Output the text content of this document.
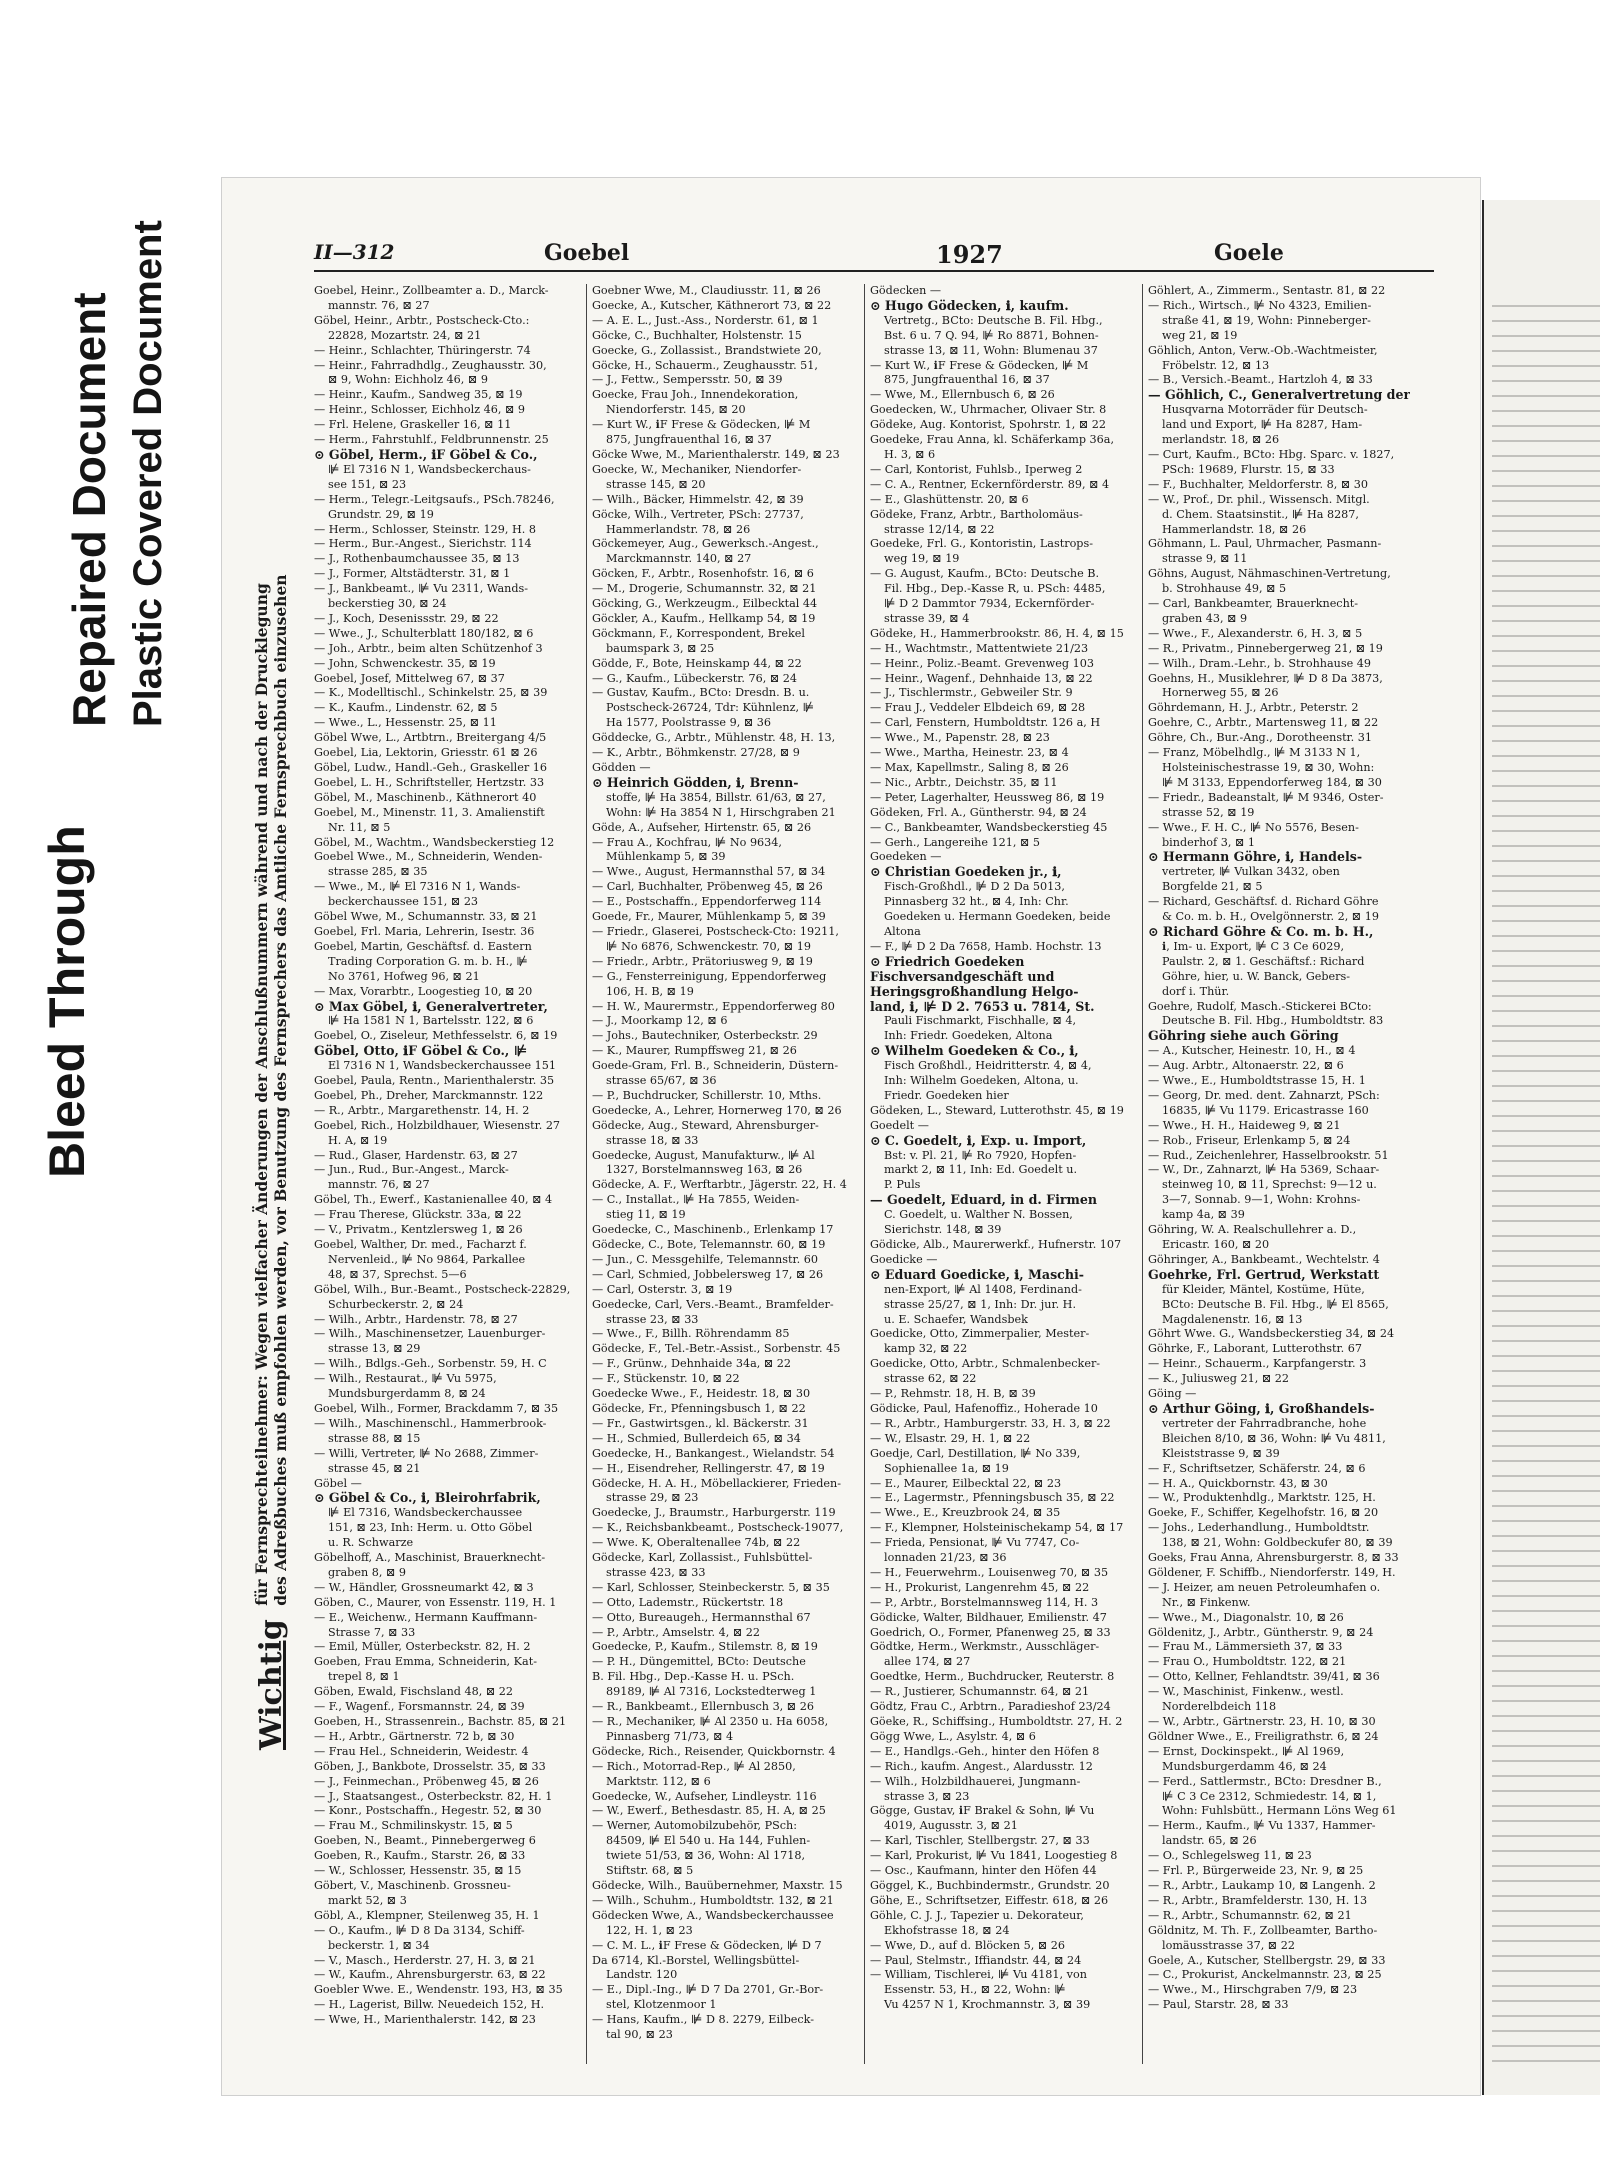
Bleed Through
Repaired Document Plastic Covered Document	II—312	Goebel	1927	Goele
Wichtig
für Fernsprechteilnehmer: Wegen vielfacher Änderungen der Anschlußnummern während und nach der Drucklegung des Adreßbuches muß empfohlen werden, vor Benutzung des Fernsprechers das Amtliche Fernsprechbuch einzusehen
Goebel, Heinr., Zollbeamter a. D., Marck-
mannstr. 76, ⊠ 27
Göbel, Heinr., Arbtr., Postscheck-Cto.:
22828, Mozartstr. 24, ⊠ 21
— Heinr., Schlachter, Thüringerstr. 74
— Heinr., Fahrradhdlg., Zeughausstr. 30,
⊠ 9, Wohn: Eichholz 46, ⊠ 9
— Heinr., Kaufm., Sandweg 35, ⊠ 19
— Heinr., Schlosser, Eichholz 46, ⊠ 9
— Frl. Helene, Graskeller 16, ⊠ 11
— Herm., Fahrstuhlf., Feldbrunnenstr. 25
⊙ Göbel, Herm., ℹF Göbel & Co.,
⊯ El 7316 N 1, Wandsbeckerchaus-
see 151, ⊠ 23
— Herm., Telegr.-Leitgsaufs., PSch.78246,
Grundstr. 29, ⊠ 19
— Herm., Schlosser, Steinstr. 129, H. 8
— Herm., Bur.-Angest., Sierichstr. 114
— J., Rothenbaumchaussee 35, ⊠ 13
— J., Former, Altstädterstr. 31, ⊠ 1
— J., Bankbeamt., ⊯ Vu 2311, Wands-
beckerstieg 30, ⊠ 24
— J., Koch, Desenissstr. 29, ⊠ 22
— Wwe., J., Schulterblatt 180/182, ⊠ 6
— Joh., Arbtr., beim alten Schützenhof 3
— John, Schwenckestr. 35, ⊠ 19
Goebel, Josef, Mittelweg 67, ⊠ 37
— K., Modelltischl., Schinkelstr. 25, ⊠ 39
— K., Kaufm., Lindenstr. 62, ⊠ 5
— Wwe., L., Hessenstr. 25, ⊠ 11
Göbel Wwe, L., Artbtrn., Breitergang 4/5
Goebel, Lia, Lektorin, Griesstr. 61 ⊠ 26
Göbel, Ludw., Handl.-Geh., Graskeller 16
Goebel, L. H., Schriftsteller, Hertzstr. 33
Göbel, M., Maschinenb., Käthnerort 40
Goebel, M., Minenstr. 11, 3. Amalienstift
Nr. 11, ⊠ 5
Göbel, M., Wachtm., Wandsbeckerstieg 12
Goebel Wwe., M., Schneiderin, Wenden-
strasse 285, ⊠ 35
— Wwe., M., ⊯ El 7316 N 1, Wands-
beckerchaussee 151, ⊠ 23
Göbel Wwe, M., Schumannstr. 33, ⊠ 21
Goebel, Frl. Maria, Lehrerin, Isestr. 36
Goebel, Martin, Geschäftsf. d. Eastern
Trading Corporation G. m. b. H., ⊯
No 3761, Hofweg 96, ⊠ 21
— Max, Vorarbtr., Loogestieg 10, ⊠ 20
⊙ Max Göbel, ℹ, Generalvertreter,
⊯ Ha 1581 N 1, Bartelsstr. 122, ⊠ 6
Goebel, O., Ziseleur, Methfesselstr. 6, ⊠ 19
Göbel, Otto, ℹF Göbel & Co., ⊯
El 7316 N 1, Wandsbeckerchaussee 151
Goebel, Paula, Rentn., Marienthalerstr. 35
Goebel, Ph., Dreher, Marckmannstr. 122
— R., Arbtr., Margarethenstr. 14, H. 2
Goebel, Rich., Holzbildhauer, Wiesenstr. 27
H. A, ⊠ 19
— Rud., Glaser, Hardenstr. 63, ⊠ 27
— Jun., Rud., Bur.-Angest., Marck-
mannstr. 76, ⊠ 27
Göbel, Th., Ewerf., Kastanienallee 40, ⊠ 4
— Frau Therese, Glückstr. 33a, ⊠ 22
— V., Privatm., Kentzlersweg 1, ⊠ 26
Goebel, Walther, Dr. med., Facharzt f.
Nervenleid., ⊯ No 9864, Parkallee
48, ⊠ 37, Sprechst. 5—6
Göbel, Wilh., Bur.-Beamt., Postscheck-22829,
Schurbeckerstr. 2, ⊠ 24
— Wilh., Arbtr., Hardenstr. 78, ⊠ 27
— Wilh., Maschinensetzer, Lauenburger-
strasse 13, ⊠ 29
— Wilh., Bdlgs.-Geh., Sorbenstr. 59, H. C
— Wilh., Restaurat., ⊯ Vu 5975,
Mundsburgerdamm 8, ⊠ 24
Goebel, Wilh., Former, Brackdamm 7, ⊠ 35
— Wilh., Maschinenschl., Hammerbrook-
strasse 88, ⊠ 15
— Willi, Vertreter, ⊯ No 2688, Zimmer-
strasse 45, ⊠ 21
Göbel —
⊙ Göbel & Co., ℹ, Bleirohrfabrik,
⊯ El 7316, Wandsbeckerchaussee
151, ⊠ 23, Inh: Herm. u. Otto Göbel
u. R. Schwarze
Göbelhoff, A., Maschinist, Brauerknecht-
graben 8, ⊠ 9
— W., Händler, Grossneumarkt 42, ⊠ 3
Göben, C., Maurer, von Essenstr. 119, H. 1
— E., Weichenw., Hermann Kauffmann-
Strasse 7, ⊠ 33
— Emil, Müller, Osterbeckstr. 82, H. 2
Goeben, Frau Emma, Schneiderin, Kat-
trepel 8, ⊠ 1
Göben, Ewald, Fischsland 48, ⊠ 22
— F., Wagenf., Forsmannstr. 24, ⊠ 39
Goeben, H., Strassenrein., Bachstr. 85, ⊠ 21
— H., Arbtr., Gärtnerstr. 72 b, ⊠ 30
— Frau Hel., Schneiderin, Weidestr. 4
Göben, J., Bankbote, Drosselstr. 35, ⊠ 33
— J., Feinmechan., Pröbenweg 45, ⊠ 26
— J., Staatsangest., Osterbeckstr. 82, H. 1
— Konr., Postschaffn., Hegestr. 52, ⊠ 30
— Frau M., Schmilinskystr. 15, ⊠ 5
Goeben, N., Beamt., Pinnebergerweg 6
Goeben, R., Kaufm., Starstr. 26, ⊠ 33
— W., Schlosser, Hessenstr. 35, ⊠ 15
Göbert, V., Maschinenb. Grossneu-
markt 52, ⊠ 3
Göbl, A., Klempner, Steilenweg 35, H. 1
— O., Kaufm., ⊯ D 8 Da 3134, Schiff-
beckerstr. 1, ⊠ 34
— V., Masch., Herderstr. 27, H. 3, ⊠ 21
— W., Kaufm., Ahrensburgerstr. 63, ⊠ 22
Goebler Wwe. E., Wendenstr. 193, H3, ⊠ 35
— H., Lagerist, Billw. Neuedeich 152, H.
— Wwe, H., Marienthalerstr. 142, ⊠ 23
Goebner Wwe, M., Claudiusstr. 11, ⊠ 26
Goecke, A., Kutscher, Käthnerort 73, ⊠ 22
— A. E. L., Just.-Ass., Norderstr. 61, ⊠ 1
Göcke, C., Buchhalter, Holstenstr. 15
Goecke, G., Zollassist., Brandstwiete 20,
Göcke, H., Schauerm., Zeughausstr. 51,
— J., Fettw., Sempersstr. 50, ⊠ 39
Goecke, Frau Joh., Innendekoration,
Niendorferstr. 145, ⊠ 20
— Kurt W., ℹF Frese & Gödecken, ⊯ M
875, Jungfrauenthal 16, ⊠ 37
Göcke Wwe, M., Marienthalerstr. 149, ⊠ 23
Goecke, W., Mechaniker, Niendorfer-
strasse 145, ⊠ 20
— Wilh., Bäcker, Himmelstr. 42, ⊠ 39
Göcke, Wilh., Vertreter, PSch: 27737,
Hammerlandstr. 78, ⊠ 26
Göckemeyer, Aug., Gewerksch.-Angest.,
Marckmannstr. 140, ⊠ 27
Göcken, F., Arbtr., Rosenhofstr. 16, ⊠ 6
— M., Drogerie, Schumannstr. 32, ⊠ 21
Göcking, G., Werkzeugm., Eilbecktal 44
Göckler, A., Kaufm., Hellkamp 54, ⊠ 19
Göckmann, F., Korrespondent, Brekel
baumspark 3, ⊠ 25
Gödde, F., Bote, Heinskamp 44, ⊠ 22
— G., Kaufm., Lübeckerstr. 76, ⊠ 24
— Gustav, Kaufm., BCto: Dresdn. B. u.
Postscheck-26724, Tdr: Kühnlenz, ⊯
Ha 1577, Poolstrasse 9, ⊠ 36
Göddecke, G., Arbtr., Mühlenstr. 48, H. 13,
— K., Arbtr., Böhmkenstr. 27/28, ⊠ 9
Gödden —
⊙ Heinrich Gödden, ℹ, Brenn-
stoffe, ⊯ Ha 3854, Billstr. 61/63, ⊠ 27,
Wohn: ⊯ Ha 3854 N 1, Hirschgraben 21
Göde, A., Aufseher, Hirtenstr. 65, ⊠ 26
— Frau A., Kochfrau, ⊯ No 9634,
Mühlenkamp 5, ⊠ 39
— Wwe., August, Hermannsthal 57, ⊠ 34
— Carl, Buchhalter, Pröbenweg 45, ⊠ 26
— E., Postschaffn., Eppendorferweg 114
Goede, Fr., Maurer, Mühlenkamp 5, ⊠ 39
— Friedr., Glaserei, Postscheck-Cto: 19211,
⊯ No 6876, Schwenckestr. 70, ⊠ 19
— Friedr., Arbtr., Prätoriusweg 9, ⊠ 19
— G., Fensterreinigung, Eppendorferweg
106, H. B, ⊠ 19
— H. W., Maurermstr., Eppendorferweg 80
— J., Moorkamp 12, ⊠ 6
— Johs., Bautechniker, Osterbeckstr. 29
— K., Maurer, Rumpffsweg 21, ⊠ 26
Goede-Gram, Frl. B., Schneiderin, Düstern-
strasse 65/67, ⊠ 36
— P., Buchdrucker, Schillerstr. 10, Mths.
Goedecke, A., Lehrer, Hornerweg 170, ⊠ 26
Gödecke, Aug., Steward, Ahrensburger-
strasse 18, ⊠ 33
Goedecke, August, Manufakturw., ⊯ Al
1327, Borstelmannsweg 163, ⊠ 26
Gödecke, A. F., Werftarbtr., Jägerstr. 22, H. 4
— C., Installat., ⊯ Ha 7855, Weiden-
stieg 11, ⊠ 19
Goedecke, C., Maschinenb., Erlenkamp 17
Gödecke, C., Bote, Telemannstr. 60, ⊠ 19
— Jun., C. Messgehilfe, Telemannstr. 60
— Carl, Schmied, Jobbelersweg 17, ⊠ 26
— Carl, Osterstr. 3, ⊠ 19
Goedecke, Carl, Vers.-Beamt., Bramfelder-
strasse 23, ⊠ 33
— Wwe., F., Billh. Röhrendamm 85
Gödecke, F., Tel.-Betr.-Assist., Sorbenstr. 45
— F., Grünw., Dehnhaide 34a, ⊠ 22
— F., Stückenstr. 10, ⊠ 22
Goedecke Wwe., F., Heidestr. 18, ⊠ 30
Gödecke, Fr., Pfenningsbusch 1, ⊠ 22
— Fr., Gastwirtsgen., kl. Bäckerstr. 31
— H., Schmied, Bullerdeich 65, ⊠ 34
Goedecke, H., Bankangest., Wielandstr. 54
— H., Eisendreher, Rellingerstr. 47, ⊠ 19
Gödecke, H. A. H., Möbellackierer, Frieden-
strasse 29, ⊠ 23
Goedecke, J., Braumstr., Harburgerstr. 119
— K., Reichsbankbeamt., Postscheck-19077,
— Wwe. K, Oberaltenallee 74b, ⊠ 22
Gödecke, Karl, Zollassist., Fuhlsbüttel-
strasse 423, ⊠ 33
— Karl, Schlosser, Steinbeckerstr. 5, ⊠ 35
— Otto, Lademstr., Rückertstr. 18
— Otto, Bureaugeh., Hermannsthal 67
— P., Arbtr., Amselstr. 4, ⊠ 22
Goedecke, P., Kaufm., Stilemstr. 8, ⊠ 19
— P. H., Düngemittel, BCto: Deutsche
B. Fil. Hbg., Dep.-Kasse H. u. PSch.
89189, ⊯ Al 7316, Lockstedterweg 1
— R., Bankbeamt., Ellernbusch 3, ⊠ 26
— R., Mechaniker, ⊯ Al 2350 u. Ha 6058,
Pinnasberg 71/73, ⊠ 4
Gödecke, Rich., Reisender, Quickbornstr. 4
— Rich., Motorrad-Rep., ⊯ Al 2850,
Marktstr. 112, ⊠ 6
Goedecke, W., Aufseher, Lindleystr. 116
— W., Ewerf., Bethesdastr. 85, H. A, ⊠ 25
— Werner, Automobilzubehör, PSch:
84509, ⊯ El 540 u. Ha 144, Fuhlen-
twiete 51/53, ⊠ 36, Wohn: Al 1718,
Stiftstr. 68, ⊠ 5
Gödecke, Wilh., Bauübernehmer, Maxstr. 15
— Wilh., Schuhm., Humboldtstr. 132, ⊠ 21
Gödecken Wwe, A., Wandsbeckerchaussee
122, H. 1, ⊠ 23
— C. M. L., ℹF Frese & Gödecken, ⊯ D 7
Da 6714, Kl.-Borstel, Wellingsbüttel-
Landstr. 120
— E., Dipl.-Ing., ⊯ D 7 Da 2701, Gr.-Bor-
stel, Klotzenmoor 1
— Hans, Kaufm., ⊯ D 8. 2279, Eilbeck-
tal 90, ⊠ 23
Gödecken —
⊙ Hugo Gödecken, ℹ, kaufm.
Vertretg., BCto: Deutsche B. Fil. Hbg.,
Bst. 6 u. 7 Q. 94, ⊯ Ro 8871, Bohnen-
strasse 13, ⊠ 11, Wohn: Blumenau 37
— Kurt W., ℹF Frese & Gödecken, ⊯ M
875, Jungfrauenthal 16, ⊠ 37
— Wwe, M., Ellernbusch 6, ⊠ 26
Goedecken, W., Uhrmacher, Olivaer Str. 8
Gödeke, Aug. Kontorist, Spohrstr. 1, ⊠ 22
Goedeke, Frau Anna, kl. Schäferkamp 36a,
H. 3, ⊠ 6
— Carl, Kontorist, Fuhlsb., Iperweg 2
— C. A., Rentner, Eckernförderstr. 89, ⊠ 4
— E., Glashüttenstr. 20, ⊠ 6
Gödeke, Franz, Arbtr., Bartholomäus-
strasse 12/14, ⊠ 22
Goedeke, Frl. G., Kontoristin, Lastrops-
weg 19, ⊠ 19
— G. August, Kaufm., BCto: Deutsche B.
Fil. Hbg., Dep.-Kasse R, u. PSch: 4485,
⊯ D 2 Dammtor 7934, Eckernförder-
strasse 39, ⊠ 4
Gödeke, H., Hammerbrookstr. 86, H. 4, ⊠ 15
— H., Wachtmstr., Mattentwiete 21/23
— Heinr., Poliz.-Beamt. Grevenweg 103
— Heinr., Wagenf., Dehnhaide 13, ⊠ 22
— J., Tischlermstr., Gebweiler Str. 9
— Frau J., Veddeler Elbdeich 69, ⊠ 28
— Carl, Fenstern, Humboldtstr. 126 a, H
— Wwe., M., Papenstr. 28, ⊠ 23
— Wwe., Martha, Heinestr. 23, ⊠ 4
— Max, Kapellmstr., Saling 8, ⊠ 26
— Nic., Arbtr., Deichstr. 35, ⊠ 11
— Peter, Lagerhalter, Heussweg 86, ⊠ 19
Gödeken, Frl. A., Güntherstr. 94, ⊠ 24
— C., Bankbeamter, Wandsbeckerstieg 45
— Gerh., Langereihe 121, ⊠ 5
Goedeken —
⊙ Christian Goedeken jr., ℹ,
Fisch-Großhdl., ⊯ D 2 Da 5013,
Pinnasberg 32 ht., ⊠ 4, Inh: Chr.
Goedeken u. Hermann Goedeken, beide
Altona
— F., ⊯ D 2 Da 7658, Hamb. Hochstr. 13
⊙ Friedrich Goedeken
Fischversandgeschäft und
Heringsgroßhandlung Helgo-
land, ℹ, ⊯ D 2. 7653 u. 7814, St.
Pauli Fischmarkt, Fischhalle, ⊠ 4,
Inh: Friedr. Goedeken, Altona
⊙ Wilhelm Goedeken & Co., ℹ,
Fisch Großhdl., Heidritterstr. 4, ⊠ 4,
Inh: Wilhelm Goedeken, Altona, u.
Friedr. Goedeken hier
Gödeken, L., Steward, Lutterothstr. 45, ⊠ 19
Goedelt —
⊙ C. Goedelt, ℹ, Exp. u. Import,
Bst: v. Pl. 21, ⊯ Ro 7920, Hopfen-
markt 2, ⊠ 11, Inh: Ed. Goedelt u.
P. Puls
— Goedelt, Eduard, in d. Firmen
C. Goedelt, u. Walther N. Bossen,
Sierichstr. 148, ⊠ 39
Gödicke, Alb., Maurerwerkf., Hufnerstr. 107
Goedicke —
⊙ Eduard Goedicke, ℹ, Maschi-
nen-Export, ⊯ Al 1408, Ferdinand-
strasse 25/27, ⊠ 1, Inh: Dr. jur. H.
u. E. Schaefer, Wandsbek
Goedicke, Otto, Zimmerpalier, Mester-
kamp 32, ⊠ 22
Goedicke, Otto, Arbtr., Schmalenbecker-
strasse 62, ⊠ 22
— P., Rehmstr. 18, H. B, ⊠ 39
Gödicke, Paul, Hafenoffiz., Hoherade 10
— R., Arbtr., Hamburgerstr. 33, H. 3, ⊠ 22
— W., Elsastr. 29, H. 1, ⊠ 22
Goedje, Carl, Destillation, ⊯ No 339,
Sophienallee 1a, ⊠ 19
— E., Maurer, Eilbecktal 22, ⊠ 23
— E., Lagermstr., Pfenningsbusch 35, ⊠ 22
— Wwe., E., Kreuzbrook 24, ⊠ 35
— F., Klempner, Holsteinischekamp 54, ⊠ 17
— Frieda, Pensionat, ⊯ Vu 7747, Co-
lonnaden 21/23, ⊠ 36
— H., Feuerwehrm., Louisenweg 70, ⊠ 35
— H., Prokurist, Langenrehm 45, ⊠ 22
— P., Arbtr., Borstelmannsweg 114, H. 3
Gödicke, Walter, Bildhauer, Emilienstr. 47
Goedrich, O., Former, Pfanenweg 25, ⊠ 33
Gödtke, Herm., Werkmstr., Ausschläger-
allee 174, ⊠ 27
Goedtke, Herm., Buchdrucker, Reuterstr. 8
— R., Justierer, Schumannstr. 64, ⊠ 21
Gödtz, Frau C., Arbtrn., Paradieshof 23/24
Göeke, R., Schiffsing., Humboldtstr. 27, H. 2
Gögg Wwe, L., Asylstr. 4, ⊠ 6
— E., Handlgs.-Geh., hinter den Höfen 8
— Rich., kaufm. Angest., Alardusstr. 12
— Wilh., Holzbildhauerei, Jungmann-
strasse 3, ⊠ 23
Gögge, Gustav, ℹF Brakel & Sohn, ⊯ Vu
4019, Augusstr. 3, ⊠ 21
— Karl, Tischler, Stellbergstr. 27, ⊠ 33
— Karl, Prokurist, ⊯ Vu 1841, Loogestieg 8
— Osc., Kaufmann, hinter den Höfen 44
Göggel, K., Buchbindermstr., Grundstr. 20
Göhe, E., Schriftsetzer, Eiffestr. 618, ⊠ 26
Göhle, C. J. J., Tapezier u. Dekorateur,
Ekhofstrasse 18, ⊠ 24
— Wwe, D., auf d. Blöcken 5, ⊠ 26
— Paul, Stelmstr., Iffiandstr. 44, ⊠ 24
— William, Tischlerei, ⊯ Vu 4181, von
Essenstr. 53, H., ⊠ 22, Wohn: ⊯
Vu 4257 N 1, Krochmannstr. 3, ⊠ 39
Göhlert, A., Zimmerm., Sentastr. 81, ⊠ 22
— Rich., Wirtsch., ⊯ No 4323, Emilien-
straße 41, ⊠ 19, Wohn: Pinneberger-
weg 21, ⊠ 19
Göhlich, Anton, Verw.-Ob.-Wachtmeister,
Fröbelstr. 12, ⊠ 13
— B., Versich.-Beamt., Hartzloh 4, ⊠ 33
— Göhlich, C., Generalvertretung der
Husqvarna Motorräder für Deutsch-
land und Export, ⊯ Ha 8287, Ham-
merlandstr. 18, ⊠ 26
— Curt, Kaufm., BCto: Hbg. Sparc. v. 1827,
PSch: 19689, Flurstr. 15, ⊠ 33
— F., Buchhalter, Meldorferstr. 8, ⊠ 30
— W., Prof., Dr. phil., Wissensch. Mitgl.
d. Chem. Staatsinstit., ⊯ Ha 8287,
Hammerlandstr. 18, ⊠ 26
Göhmann, L. Paul, Uhrmacher, Pasmann-
strasse 9, ⊠ 11
Göhns, August, Nähmaschinen-Vertretung,
b. Strohhause 49, ⊠ 5
— Carl, Bankbeamter, Brauerknecht-
graben 43, ⊠ 9
— Wwe., F., Alexanderstr. 6, H. 3, ⊠ 5
— R., Privatm., Pinnebergerweg 21, ⊠ 19
— Wilh., Dram.-Lehr., b. Strohhause 49
Goehns, H., Musiklehrer, ⊯ D 8 Da 3873,
Hornerweg 55, ⊠ 26
Göhrdemann, H. J., Arbtr., Peterstr. 2
Goehre, C., Arbtr., Martensweg 11, ⊠ 22
Göhre, Ch., Bur.-Ang., Dorotheenstr. 31
— Franz, Möbelhdlg., ⊯ M 3133 N 1,
Holsteinischestrasse 19, ⊠ 30, Wohn:
⊯ M 3133, Eppendorferweg 184, ⊠ 30
— Friedr., Badeanstalt, ⊯ M 9346, Oster-
strasse 52, ⊠ 19
— Wwe., F. H. C., ⊯ No 5576, Besen-
binderhof 3, ⊠ 1
⊙ Hermann Göhre, ℹ, Handels-
vertreter, ⊯ Vulkan 3432, oben
Borgfelde 21, ⊠ 5
— Richard, Geschäftsf. d. Richard Göhre
& Co. m. b. H., Ovelgönnerstr. 2, ⊠ 19
⊙ Richard Göhre & Co. m. b. H.,
ℹ, Im- u. Export, ⊯ C 3 Ce 6029,
Paulstr. 2, ⊠ 1. Geschäftsf.: Richard
Göhre, hier, u. W. Banck, Gebers-
dorf i. Thür.
Goehre, Rudolf, Masch.-Stickerei BCto:
Deutsche B. Fil. Hbg., Humboldtstr. 83
Göhring siehe auch Göring
— A., Kutscher, Heinestr. 10, H., ⊠ 4
— Aug. Arbtr., Altonaerstr. 22, ⊠ 6
— Wwe., E., Humboldtstrasse 15, H. 1
— Georg, Dr. med. dent. Zahnarzt, PSch:
16835, ⊯ Vu 1179. Ericastrasse 160
— Wwe., H. H., Haideweg 9, ⊠ 21
— Rob., Friseur, Erlenkamp 5, ⊠ 24
— Rud., Zeichenlehrer, Hasselbrookstr. 51
— W., Dr., Zahnarzt, ⊯ Ha 5369, Schaar-
steinweg 10, ⊠ 11, Sprechst: 9—12 u.
3—7, Sonnab. 9—1, Wohn: Krohns-
kamp 4a, ⊠ 39
Göhring, W. A. Realschullehrer a. D.,
Ericastr. 160, ⊠ 20
Göhringer, A., Bankbeamt., Wechtelstr. 4
Goehrke, Frl. Gertrud, Werkstatt
für Kleider, Mäntel, Kostüme, Hüte,
BCto: Deutsche B. Fil. Hbg., ⊯ El 8565,
Magdalenenstr. 16, ⊠ 13
Göhrt Wwe. G., Wandsbeckerstieg 34, ⊠ 24
Göhrke, F., Laborant, Lutterothstr. 67
— Heinr., Schauerm., Karpfangerstr. 3
— K., Juliusweg 21, ⊠ 22
Göing —
⊙ Arthur Göing, ℹ, Großhandels-
vertreter der Fahrradbranche, hohe
Bleichen 8/10, ⊠ 36, Wohn: ⊯ Vu 4811,
Kleiststrasse 9, ⊠ 39
— F., Schriftsetzer, Schäferstr. 24, ⊠ 6
— H. A., Quickbornstr. 43, ⊠ 30
— W., Produktenhdlg., Marktstr. 125, H.
Goeke, F., Schiffer, Kegelhofstr. 16, ⊠ 20
— Johs., Lederhandlung., Humboldtstr.
138, ⊠ 21, Wohn: Goldbeckufer 80, ⊠ 39
Goeks, Frau Anna, Ahrensburgerstr. 8, ⊠ 33
Göldener, F. Schiffb., Niendorferstr. 149, H.
— J. Heizer, am neuen Petroleumhafen o.
Nr., ⊠ Finkenw.
— Wwe., M., Diagonalstr. 10, ⊠ 26
Göldenitz, J., Arbtr., Güntherstr. 9, ⊠ 24
— Frau M., Lämmersieth 37, ⊠ 33
— Frau O., Humboldtstr. 122, ⊠ 21
— Otto, Kellner, Fehlandtstr. 39/41, ⊠ 36
— W., Maschinist, Finkenw., westl.
Norderelbdeich 118
— W., Arbtr., Gärtnerstr. 23, H. 10, ⊠ 30
Göldner Wwe., E., Freiligrathstr. 6, ⊠ 24
— Ernst, Dockinspekt., ⊯ Al 1969,
Mundsburgerdamm 46, ⊠ 24
— Ferd., Sattlermstr., BCto: Dresdner B.,
⊯ C 3 Ce 2312, Schmiedestr. 14, ⊠ 1,
Wohn: Fuhlsbütt., Hermann Löns Weg 61
— Herm., Kaufm., ⊯ Vu 1337, Hammer-
landstr. 65, ⊠ 26
— O., Schlegelsweg 11, ⊠ 23
— Frl. P., Bürgerweide 23, Nr. 9, ⊠ 25
— R., Arbtr., Laukamp 10, ⊠ Langenh. 2
— R., Arbtr., Bramfelderstr. 130, H. 13
— R., Arbtr., Schumannstr. 62, ⊠ 21
Göldnitz, M. Th. F., Zollbeamter, Bartho-
lomäusstrasse 37, ⊠ 22
Goele, A., Kutscher, Stellbergstr. 29, ⊠ 33
— C., Prokurist, Anckelmannstr. 23, ⊠ 25
— Wwe., M., Hirschgraben 7/9, ⊠ 23
— Paul, Starstr. 28, ⊠ 33
